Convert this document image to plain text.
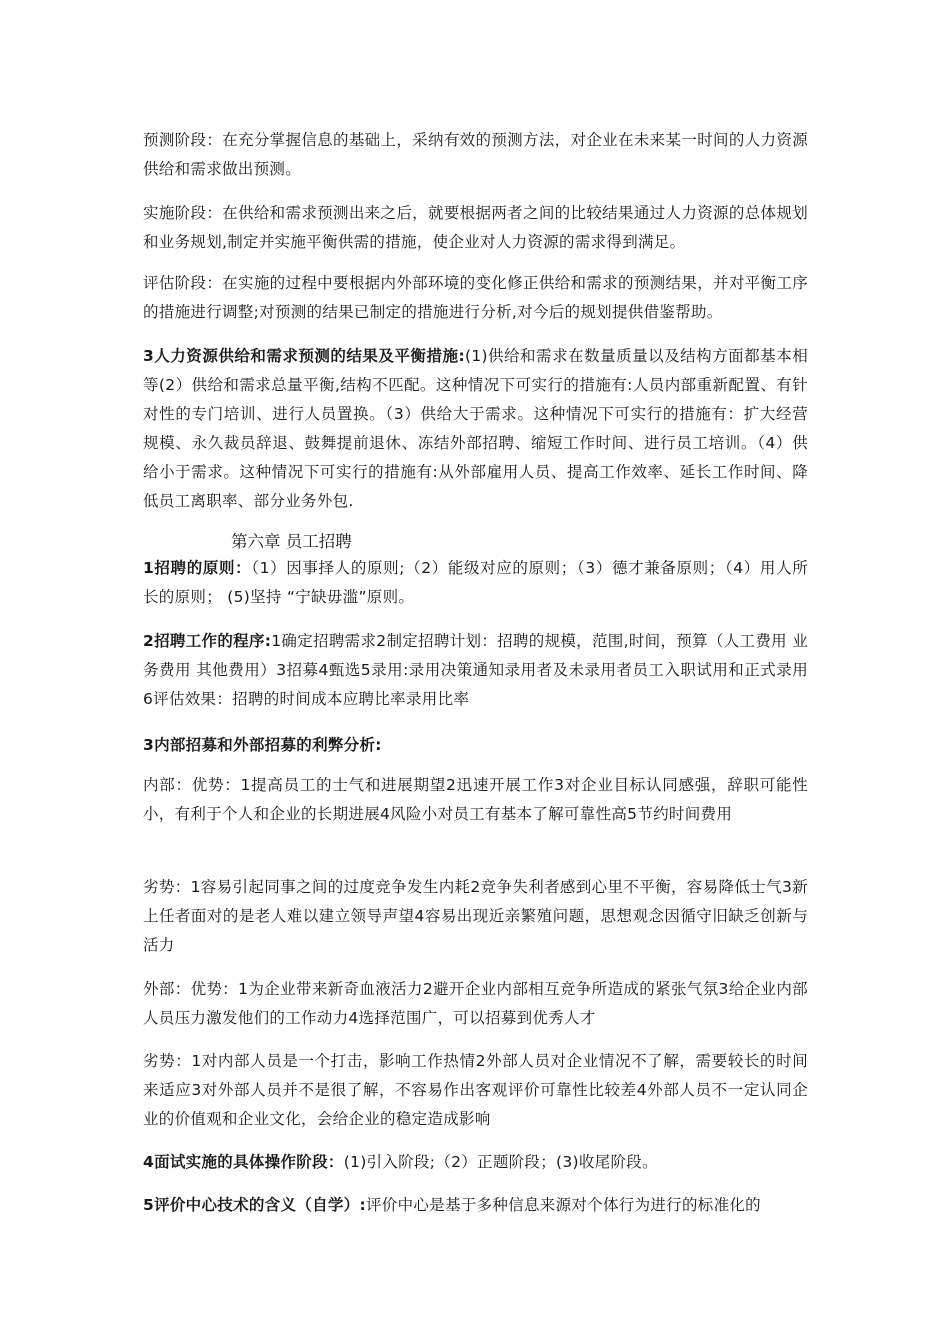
预测阶段：在充分掌握信息的基础上，采纳有效的预测方法，对企业在未来某一时间的人力资源供给和需求做出预测。

实施阶段：在供给和需求预测出来之后，就要根据两者之间的比较结果通过人力资源的总体规划和业务规划,制定并实施平衡供需的措施，使企业对人力资源的需求得到满足。

评估阶段：在实施的过程中要根据内外部环境的变化修正供给和需求的预测结果，并对平衡工序的措施进行调整;对预测的结果已制定的措施进行分析,对今后的规划提供借鉴帮助。

3人力资源供给和需求预测的结果及平衡措施:(1)供给和需求在数量质量以及结构方面都基本相等(2）供给和需求总量平衡,结构不匹配。这种情况下可实行的措施有:人员内部重新配置、有针对性的专门培训、进行人员置换。（3）供给大于需求。这种情况下可实行的措施有：扩大经营规模、永久裁员辞退、鼓舞提前退休、冻结外部招聘、缩短工作时间、进行员工培训。（4）供给小于需求。这种情况下可实行的措施有:从外部雇用人员、提高工作效率、延长工作时间、降低员工离职率、部分业务外包.

第六章 员工招聘

1招聘的原则：（1）因事择人的原则;（2）能级对应的原则；（3）德才兼备原则；（4）用人所长的原则； (5)坚持 “宁缺毋滥”原则。

2招聘工作的程序:1确定招聘需求2制定招聘计划：招聘的规模，范围,时间，预算（人工费用 业务费用 其他费用）3招募4甄选5录用:录用决策通知录用者及未录用者员工入职试用和正式录用6评估效果：招聘的时间成本应聘比率录用比率

3内部招募和外部招募的利弊分析:

内部：优势：1提高员工的士气和进展期望2迅速开展工作3对企业目标认同感强，辞职可能性小，有利于个人和企业的长期进展4风险小对员工有基本了解可靠性高5节约时间费用

劣势：1容易引起同事之间的过度竞争发生内耗2竞争失利者感到心里不平衡，容易降低士气3新上任者面对的是老人难以建立领导声望4容易出现近亲繁殖问题，思想观念因循守旧缺乏创新与活力

外部：优势：1为企业带来新奇血液活力2避开企业内部相互竞争所造成的紧张气氛3给企业内部人员压力激发他们的工作动力4选择范围广，可以招募到优秀人才

劣势：1对内部人员是一个打击，影响工作热情2外部人员对企业情况不了解，需要较长的时间来适应3对外部人员并不是很了解，不容易作出客观评价可靠性比较差4外部人员不一定认同企业的价值观和企业文化，会给企业的稳定造成影响

4面试实施的具体操作阶段：(1)引入阶段;（2）正题阶段；(3)收尾阶段。

5评价中心技术的含义（自学）:评价中心是基于多种信息来源对个体行为进行的标准化的
